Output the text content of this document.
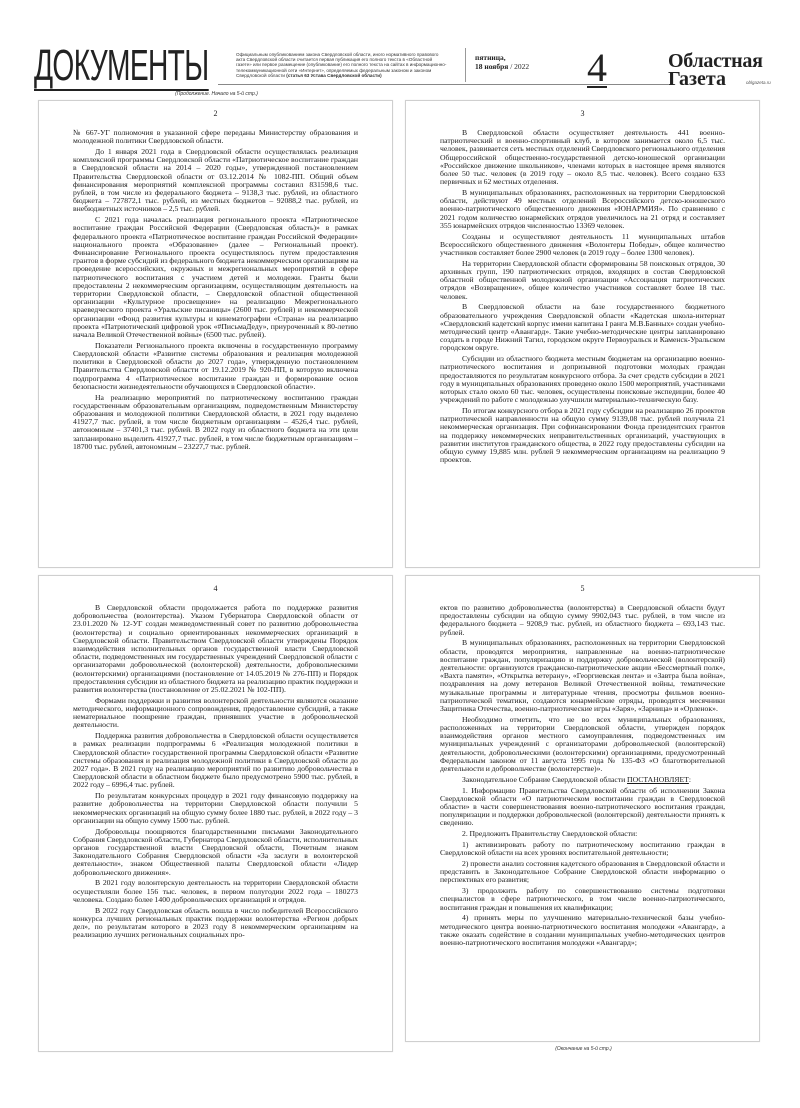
ДОКУМЕНТЫ	Официальным опубликованием закона Свердловской области, иного нормативного правового акта Свердловской области считается первая публикация его полного текста в «Областной газете» или первое размещение (опубликование) его полного текста на сайтах в информационно-телекоммуникационной сети «Интернет», определяемых федеральным законом и законом Свердловской области (статья 63 Устава Свердловской области)
пятница,
18 ноября / 2022 4	Областная
Газета	oblgazeta.ru
(Продолжение. Начало на 5-й стр.)
2

№ 667-УГ полномочия в указанной сфере переданы Министерству образования и молодежной политики Свердловской области.

До 1 января 2021 года в Свердловской области осуществлялась реализация комплексной программы Свердловской области «Патриотическое воспитание граждан в Свердловской области на 2014 – 2020 годы», утвержденной постановлением Правительства Свердловской области от 03.12.2014 № 1082-ПП. Общий объем финансирования мероприятий комплексной программы составил 831598,6 тыс. рублей, в том числе из федерального бюджета – 9138,3 тыс. рублей, из областного бюджета – 727872,1 тыс. рублей, из местных бюджетов – 92088,2 тыс. рублей, из внебюджетных источников – 2,5 тыс. рублей.

С 2021 года началась реализация регионального проекта «Патриотическое воспитание граждан Российской Федерации (Свердловская область)» в рамках федерального проекта «Патриотическое воспитание граждан Российской Федерации» национального проекта «Образование» (далее – Региональный проект). Финансирование Регионального проекта осуществлялось путем предоставления грантов в форме субсидий из федерального бюджета некоммерческим организациям на проведение всероссийских, окружных и межрегиональных мероприятий в сфере патриотического воспитания с участием детей и молодежи. Гранты были предоставлены 2 некоммерческим организациям, осуществляющим деятельность на территории Свердловской области, – Свердловской областной общественной организации «Культурное просвещение» на реализацию Межрегионального краеведческого проекта «Уральские писаницы» (2600 тыс. рублей) и некоммерческой организации «Фонд развития культуры и кинематографии «Страна» на реализацию проекта «Патриотический цифровой урок «#ПисьмаДеду», приуроченный к 80-летию начала Великой Отечественной войны» (6500 тыс. рублей).

Показатели Регионального проекта включены в государственную программу Свердловской области «Развитие системы образования и реализация молодежной политики в Свердловской области до 2027 года», утвержденную постановлением Правительства Свердловской области от 19.12.2019 № 920-ПП, в которую включена подпрограмма 4 «Патриотическое воспитание граждан и формирование основ безопасности жизнедеятельности обучающихся в Свердловской области».

На реализацию мероприятий по патриотическому воспитанию граждан государственным образовательным организациям, подведомственным Министерству образования и молодежной политики Свердловской области, в 2021 году выделено 41927,7 тыс. рублей, в том числе бюджетным организациям – 4526,4 тыс. рублей, автономным – 37401,3 тыс. рублей. В 2022 году из областного бюджета на эти цели запланировано выделить 41927,7 тыс. рублей, в том числе бюджетным организациям – 18700 тыс. рублей, автономным – 23227,7 тыс. рублей.

3

В Свердловской области осуществляет деятельность 441 военно-патриотический и военно-спортивный клуб, в котором занимается около 6,5 тыс. человек, развивается сеть местных отделений Свердловского регионального отделения Общероссийской общественно-государственной детско-юношеской организации «Российское движение школьников», членами которых в настоящее время являются более 50 тыс. человек (в 2019 году – около 8,5 тыс. человек). Всего создано 633 первичных и 62 местных отделения.

В муниципальных образованиях, расположенных на территории Свердловской области, действуют 49 местных отделений Всероссийского детско-юношеского военно-патриотического общественного движения «ЮНАРМИЯ». По сравнению с 2021 годом количество юнармейских отрядов увеличилось на 21 отряд и составляет 355 юнармейских отрядов численностью 13369 человек.

Созданы и осуществляют деятельность 11 муниципальных штабов Всероссийского общественного движения «Волонтеры Победы», общее количество участников составляет более 2900 человек (в 2019 году – более 1300 человек).

На территории Свердловской области сформированы 58 поисковых отрядов, 30 архивных групп, 190 патриотических отрядов, входящих в состав Свердловской областной общественной молодежной организации «Ассоциация патриотических отрядов «Возвращение», общее количество участников составляет более 18 тыс. человек.

В Свердловской области на базе государственного бюджетного образовательного учреждения Свердловской области «Кадетская школа-интернат «Свердловский кадетский корпус имени капитана I ранга М.В.Банных» создан учебно-методический центр «Авангард». Такие учебно-методические центры запланировано создать в городе Нижний Тагил, городском округе Первоуральск и Каменск-Уральском городском округе.

Субсидии из областного бюджета местным бюджетам на организацию военно-патриотического воспитания и допризывной подготовки молодых граждан предоставляются по результатам конкурсного отбора. За счет средств субсидии в 2021 году в муниципальных образованиях проведено около 1500 мероприятий, участниками которых стало около 60 тыс. человек, осуществлены поисковые экспедиции, более 40 учреждений по работе с молодежью улучшили материально-техническую базу.

По итогам конкурсного отбора в 2021 году субсидии на реализацию 26 проектов патриотической направленности на общую сумму 9139,08 тыс. рублей получила 21 некоммерческая организация. При софинансировании Фонда президентских грантов на поддержку некоммерческих неправительственных организаций, участвующих в развитии институтов гражданского общества, в 2022 году предоставлены субсидии на общую сумму 19,885 млн. рублей 9 некоммерческим организациям на реализацию 9 проектов.

4

В Свердловской области продолжается работа по поддержке развития добровольчества (волонтерства). Указом Губернатора Свердловской области от 23.01.2020 № 12-УГ создан межведомственный совет по развитию добровольчества (волонтерства) и социально ориентированных некоммерческих организаций в Свердловской области. Правительством Свердловской области утверждены Порядок взаимодействия исполнительных органов государственной власти Свердловской области, подведомственных им государственных учреждений Свердловской области с организаторами добровольческой (волонтерской) деятельности, добровольческими (волонтерскими) организациями (постановление от 14.05.2019 № 276-ПП) и Порядок предоставления субсидии из областного бюджета на реализацию практик поддержки и развития волонтерства (постановление от 25.02.2021 № 102-ПП).

Формами поддержки и развития волонтерской деятельности являются оказание методического, информационного сопровождения, предоставление субсидий, а также нематериальное поощрение граждан, принявших участие в добровольческой деятельности.

Поддержка развития добровольчества в Свердловской области осуществляется в рамках реализации подпрограммы 6 «Реализация молодежной политики в Свердловской области» государственной программы Свердловской области «Развитие системы образования и реализация молодежной политики в Свердловской области до 2027 года». В 2021 году на реализацию мероприятий по развитию добровольчества в Свердловской области в областном бюджете было предусмотрено 5900 тыс. рублей, в 2022 году – 6996,4 тыс. рублей.

По результатам конкурсных процедур в 2021 году финансовую поддержку на развитие добровольчества на территории Свердловской области получили 5 некоммерческих организаций на общую сумму более 1880 тыс. рублей, в 2022 году – 3 организации на общую сумму 1500 тыс. рублей.

Добровольцы поощряются благодарственными письмами Законодательного Собрания Свердловской области, Губернатора Свердловской области, исполнительных органов государственной власти Свердловской области, Почетным знаком Законодательного Собрания Свердловской области «За заслуги в волонтерской деятельности», знаком Общественной палаты Свердловской области «Лидер добровольческого движения».

В 2021 году волонтерскую деятельность на территории Свердловской области осуществляли более 156 тыс. человек, в первом полугодии 2022 года – 180273 человека. Создано более 1400 добровольческих организаций и отрядов.

В 2022 году Свердловская область вошла в число победителей Всероссийского конкурса лучших региональных практик поддержки волонтерства «Регион добрых дел», по результатам которого в 2023 году 8 некоммерческим организациям на реализацию лучших региональных социальных про-

5

ектов по развитию добровольчества (волонтерства) в Свердловской области будут предоставлены субсидии на общую сумму 9902,043 тыс. рублей, в том числе из федерального бюджета – 9208,9 тыс. рублей, из областного бюджета – 693,143 тыс. рублей.

В муниципальных образованиях, расположенных на территории Свердловской области, проводятся мероприятия, направленные на военно-патриотическое воспитание граждан, популяризацию и поддержку добровольческой (волонтерской) деятельности: организуются гражданско-патриотические акции «Бессмертный полк», «Вахта памяти», «Открытка ветерану», «Георгиевская лента» и «Завтра была война», поздравления на дому ветеранов Великой Отечественной войны, тематические музыкальные программы и литературные чтения, просмотры фильмов военно-патриотической тематики, создаются юнармейские отряды, проводятся месячники Защитника Отечества, военно-патриотические игры «Заря», «Зарница» и «Орленок».

Необходимо отметить, что не во всех муниципальных образованиях, расположенных на территории Свердловской области, утвержден порядок взаимодействия органов местного самоуправления, подведомственных им муниципальных учреждений с организаторами добровольческой (волонтерской) деятельности, добровольческими (волонтерскими) организациями, предусмотренный Федеральным законом от 11 августа 1995 года № 135-ФЗ «О благотворительной деятельности и добровольчестве (волонтерстве)».

Законодательное Собрание Свердловской области ПОСТАНОВЛЯЕТ:

1. Информацию Правительства Свердловской области об исполнении Закона Свердловской области «О патриотическом воспитании граждан в Свердловской области» в части совершенствования военно-патриотического воспитания граждан, популяризации и поддержки добровольческой (волонтерской) деятельности принять к сведению.

2. Предложить Правительству Свердловской области:

1) активизировать работу по патриотическому воспитанию граждан в Свердловской области на всех уровнях воспитательной деятельности;

2) провести анализ состояния кадетского образования в Свердловской области и представить в Законодательное Собрание Свердловской области информацию о перспективах его развития;

3) продолжить работу по совершенствованию системы подготовки специалистов в сфере патриотического, в том числе военно-патриотического, воспитания граждан и повышения их квалификации;

4) принять меры по улучшению материально-технической базы учебно-методического центра военно-патриотического воспитания молодежи «Авангард», а также оказать содействие в создании муниципальных учебно-методических центров военно-патриотического воспитания молодежи «Авангард»;

(Окончание на 5-й стр.)
